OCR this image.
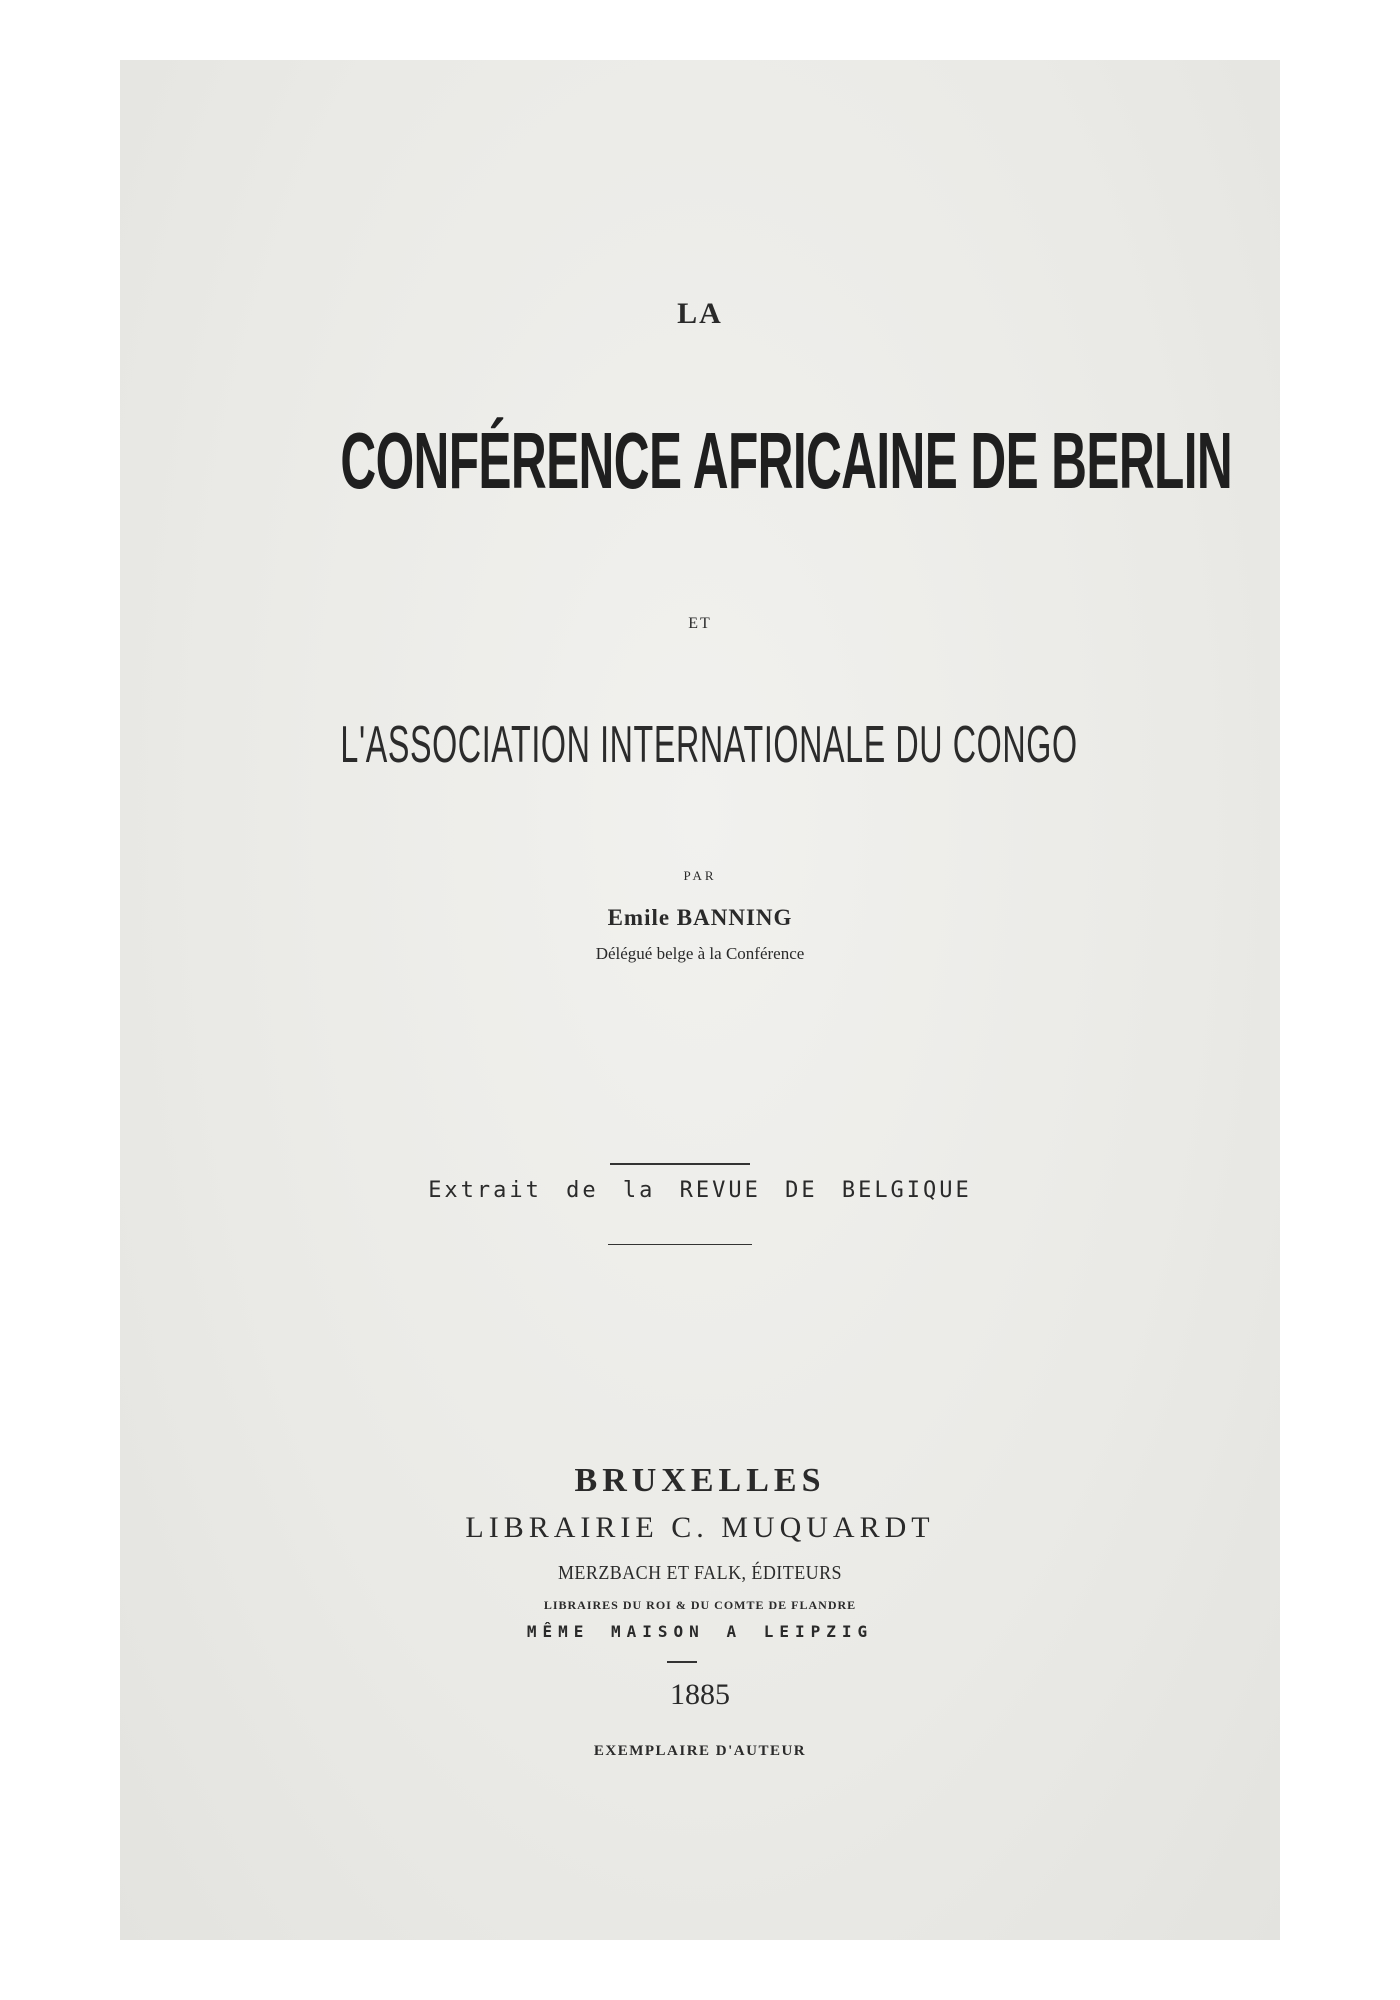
LA
CONFÉRENCE AFRICAINE DE BERLIN
ET
L'ASSOCIATION INTERNATIONALE DU CONGO
PAR
Emile BANNING
Délégué belge à la Conférence
Extrait de la REVUE DE BELGIQUE
BRUXELLES
LIBRAIRIE C. MUQUARDT
MERZBACH ET FALK, ÉDITEURS
LIBRAIRES DU ROI & DU COMTE DE FLANDRE
MÊME MAISON A LEIPZIG
1885
EXEMPLAIRE D'AUTEUR
